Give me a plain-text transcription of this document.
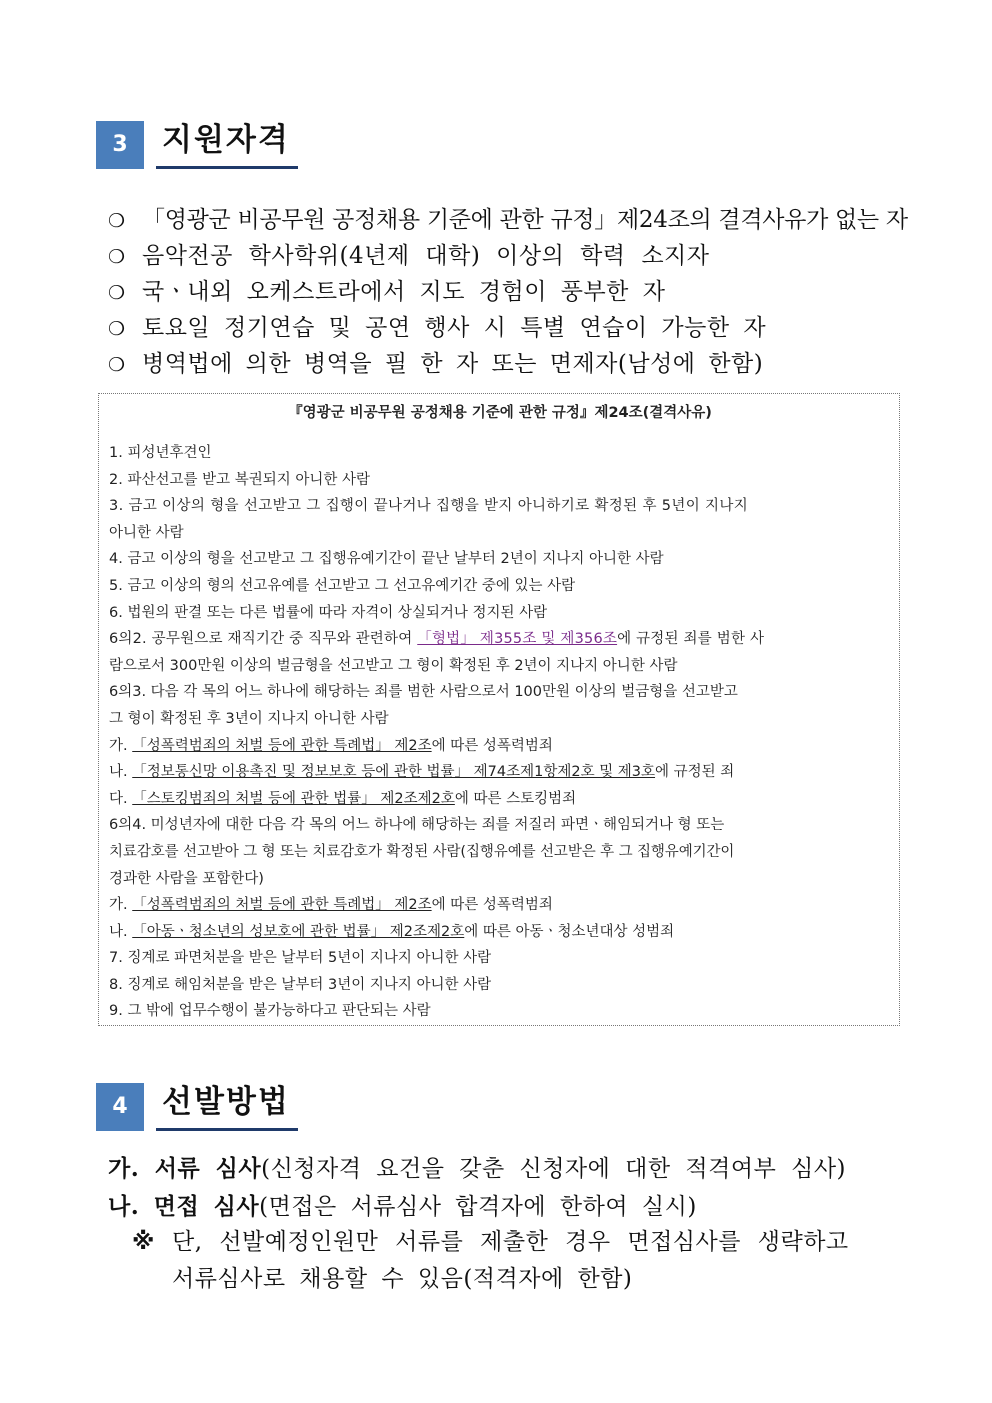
3	지원자격
❍ 「영광군 비공무원 공정채용 기준에 관한 규정」제24조의 결격사유가 없는 자
❍ 음악전공 학사학위(4년제 대학) 이상의 학력 소지자
❍ 국ㆍ내외 오케스트라에서 지도 경험이 풍부한 자
❍ 토요일 정기연습 및 공연 행사 시 특별 연습이 가능한 자
❍ 병역법에 의한 병역을 필 한 자 또는 면제자(남성에 한함)
『영광군 비공무원 공정채용 기준에 관한 규정』제24조(결격사유)
1. 피성년후견인
2. 파산선고를 받고 복권되지 아니한 사람
3. 금고 이상의 형을 선고받고 그 집행이 끝나거나 집행을 받지 아니하기로 확정된 후 5년이 지나지
아니한 사람
4. 금고 이상의 형을 선고받고 그 집행유예기간이 끝난 날부터 2년이 지나지 아니한 사람
5. 금고 이상의 형의 선고유예를 선고받고 그 선고유예기간 중에 있는 사람
6. 법원의 판결 또는 다른 법률에 따라 자격이 상실되거나 정지된 사람
6의2. 공무원으로 재직기간 중 직무와 관련하여 「형법」 제355조 및 제356조에 규정된 죄를 범한 사
람으로서 300만원 이상의 벌금형을 선고받고 그 형이 확정된 후 2년이 지나지 아니한 사람
6의3. 다음 각 목의 어느 하나에 해당하는 죄를 범한 사람으로서 100만원 이상의 벌금형을 선고받고
그 형이 확정된 후 3년이 지나지 아니한 사람
가. 「성폭력범죄의 처벌 등에 관한 특례법」 제2조에 따른 성폭력범죄
나. 「정보통신망 이용촉진 및 정보보호 등에 관한 법률」 제74조제1항제2호 및 제3호에 규정된 죄
다. 「스토킹범죄의 처벌 등에 관한 법률」 제2조제2호에 따른 스토킹범죄
6의4. 미성년자에 대한 다음 각 목의 어느 하나에 해당하는 죄를 저질러 파면ㆍ해임되거나 형 또는
치료감호를 선고받아 그 형 또는 치료감호가 확정된 사람(집행유예를 선고받은 후 그 집행유예기간이
경과한 사람을 포함한다)
가. 「성폭력범죄의 처벌 등에 관한 특례법」 제2조에 따른 성폭력범죄
나. 「아동ㆍ청소년의 성보호에 관한 법률」 제2조제2호에 따른 아동ㆍ청소년대상 성범죄
7. 징계로 파면처분을 받은 날부터 5년이 지나지 아니한 사람
8. 징계로 해임처분을 받은 날부터 3년이 지나지 아니한 사람
9. 그 밖에 업무수행이 불가능하다고 판단되는 사람
4	선발방법
가. 서류 심사(신청자격 요건을 갖춘 신청자에 대한 적격여부 심사)
나. 면접 심사(면접은 서류심사 합격자에 한하여 실시)
※ 단, 선발예정인원만 서류를 제출한 경우 면접심사를 생략하고
서류심사로 채용할 수 있음(적격자에 한함)
